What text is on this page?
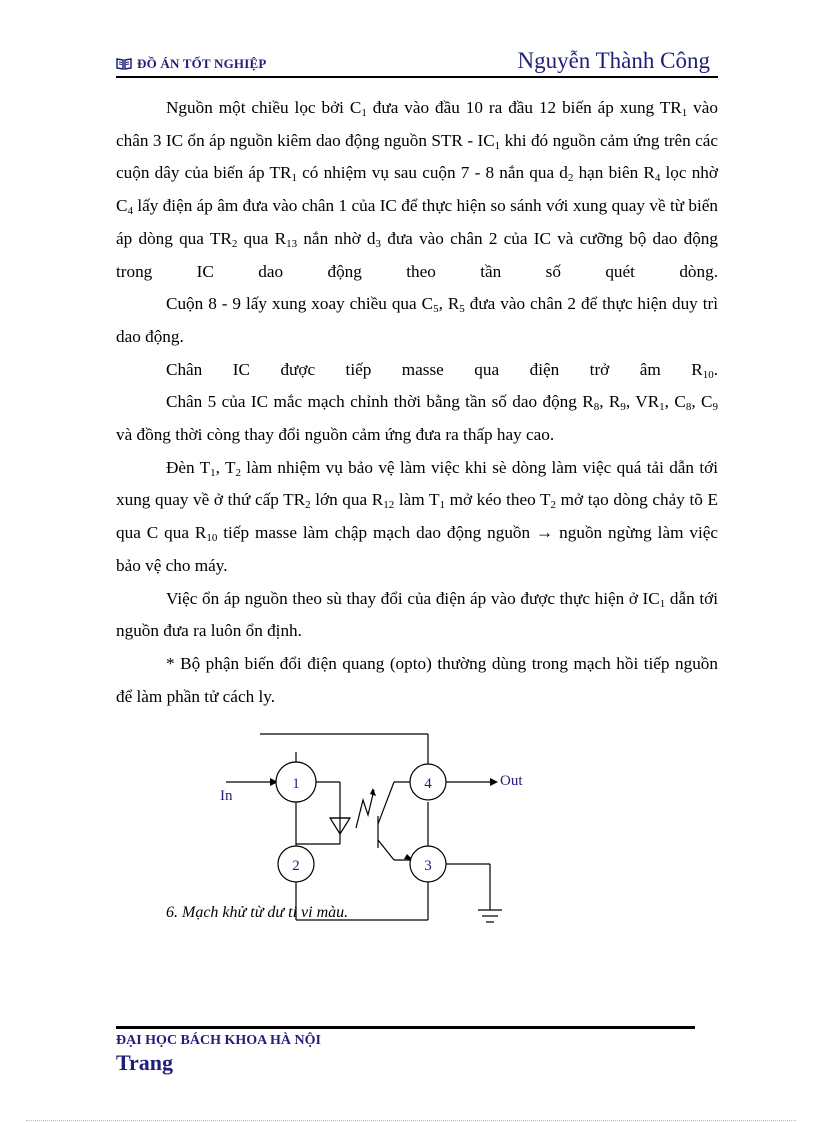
ĐỒ ÁN TỐT NGHIỆP	Nguyễn Thành Công

Nguồn một chiều lọc bởi $C_1$ đưa vào đầu 10 ra đầu 12 biến áp xung $TR_1$ vào chân 3 IC ổn áp nguồn kiêm dao động nguồn STR - $IC_1$ khi đó nguồn cảm ứng trên các cuộn dây của biến áp $TR_1$ có nhiệm vụ sau cuộn 7 - 8 nắn qua $d_2$ hạn biên $R_4$ lọc nhờ $C_4$ lấy điện áp âm đưa vào chân 1 của IC để thực hiện so sánh với xung quay về từ biến áp dòng qua $TR_2$ qua $R_{13}$ nắn nhờ $d_3$ đưa vào chân 2 của IC và cưỡng bộ dao động trong IC dao động theo tần số quét dòng.

Cuộn 8 - 9 lấy xung xoay chiều qua $C_5$, $R_5$ đưa vào chân 2 để thực hiện duy trì dao động.

Chân IC được tiếp masse qua điện trở âm $R_{10}$.

Chân 5 của IC mắc mạch chỉnh thời bằng tần số dao động $R_8$, $R_9$, $VR_1$, $C_8$, $C_9$ và đồng thời còng thay đổi nguồn cảm ứng đưa ra thấp hay cao.

Đèn $T_1$, $T_2$ làm nhiệm vụ bảo vệ làm việc khi sè dòng làm việc quá tải dẫn tới xung quay về ở thứ cấp $TR_2$ lớn qua $R_{12}$ làm $T_1$ mở kéo theo $T_2$ mở tạo dòng chảy tõ E qua C qua $R_{10}$ tiếp masse làm chập mạch dao động nguồn → nguồn ngừng làm việc bảo vệ cho máy.

Việc ổn áp nguồn theo sù thay đổi của điện áp vào được thực hiện ở $IC_1$ dẫn tới nguồn đưa ra luôn ổn định.

* Bộ phận biến đổi điện quang (opto) thường dùng trong mạch hồi tiếp nguồn để làm phần tử cách ly.

1
2	3
4
In
Out
6. Mạch khử từ dư ti vi màu.
ĐẠI HỌC BÁCH KHOA HÀ NỘI
Trang
